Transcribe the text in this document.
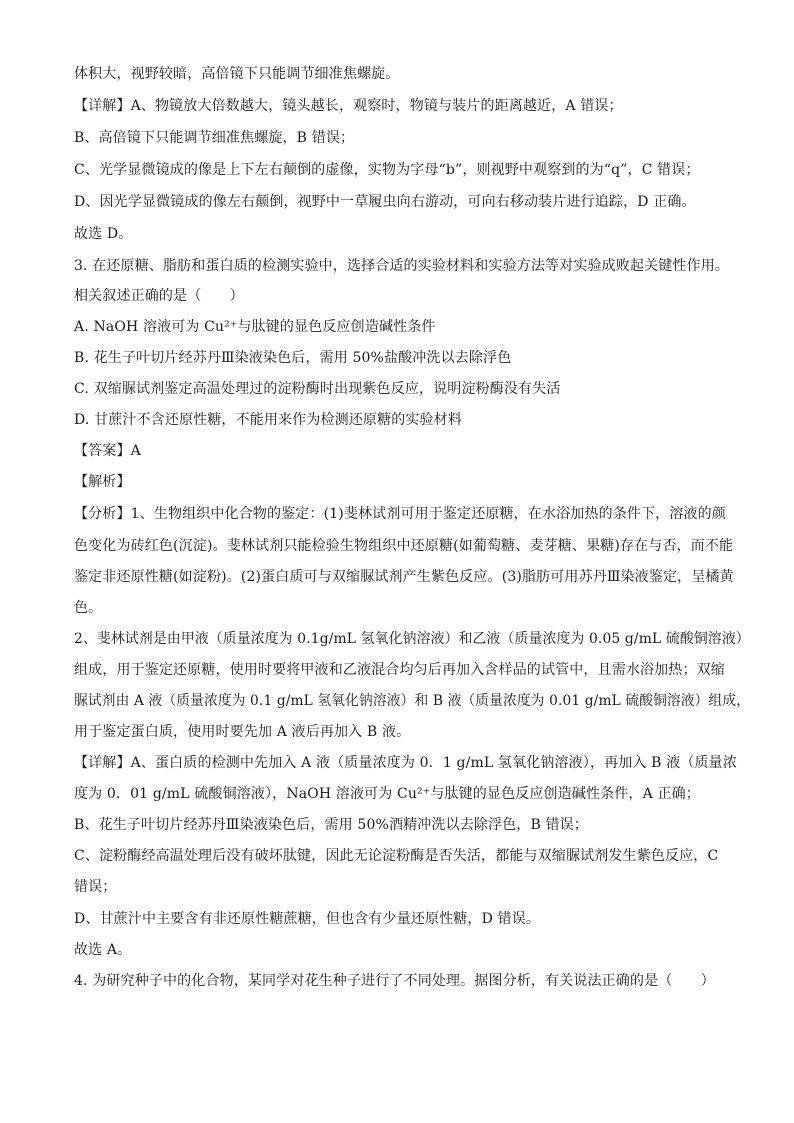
体积大，视野较暗，高倍镜下只能调节细准焦螺旋。
【详解】A、物镜放大倍数越大，镜头越长，观察时，物镜与装片的距离越近，A 错误；
B、高倍镜下只能调节细准焦螺旋，B 错误；
C、光学显微镜成的像是上下左右颠倒的虚像，实物为字母“b”，则视野中观察到的为“q”，C 错误；
D、因光学显微镜成的像左右颠倒，视野中一草履虫向右游动，可向右移动装片进行追踪，D 正确。
故选 D。
3. 在还原糖、脂肪和蛋白质的检测实验中，选择合适的实验材料和实验方法等对实验成败起关键性作用。
相关叙述正确的是（　　）
A. NaOH 溶液可为 Cu²⁺与肽键的显色反应创造碱性条件
B. 花生子叶切片经苏丹Ⅲ染液染色后，需用 50%盐酸冲洗以去除浮色
C. 双缩脲试剂鉴定高温处理过的淀粉酶时出现紫色反应，说明淀粉酶没有失活
D. 甘蔗汁不含还原性糖，不能用来作为检测还原糖的实验材料
【答案】A
【解析】
【分析】1、生物组织中化合物的鉴定：(1)斐林试剂可用于鉴定还原糖，在水浴加热的条件下，溶液的颜
色变化为砖红色(沉淀)。斐林试剂只能检验生物组织中还原糖(如葡萄糖、麦芽糖、果糖)存在与否，而不能
鉴定非还原性糖(如淀粉)。(2)蛋白质可与双缩脲试剂产生紫色反应。(3)脂肪可用苏丹Ⅲ染液鉴定，呈橘黄
色。
2、斐林试剂是由甲液（质量浓度为 0.1g/mL 氢氧化钠溶液）和乙液（质量浓度为 0.05 g/mL 硫酸铜溶液）
组成，用于鉴定还原糖，使用时要将甲液和乙液混合均匀后再加入含样品的试管中，且需水浴加热；双缩
脲试剂由 A 液（质量浓度为 0.1 g/mL 氢氧化钠溶液）和 B 液（质量浓度为 0.01 g/mL 硫酸铜溶液）组成，
用于鉴定蛋白质，使用时要先加 A 液后再加入 B 液。
【详解】A、蛋白质的检测中先加入 A 液（质量浓度为 0．1 g/mL 氢氧化钠溶液），再加入 B 液（质量浓
度为 0．01 g/mL 硫酸铜溶液），NaOH 溶液可为 Cu²⁺与肽键的显色反应创造碱性条件，A 正确；
B、花生子叶切片经苏丹Ⅲ染液染色后，需用 50%酒精冲洗以去除浮色，B 错误；
C、淀粉酶经高温处理后没有破坏肽键，因此无论淀粉酶是否失活，都能与双缩脲试剂发生紫色反应，C
错误；
D、甘蔗汁中主要含有非还原性糖蔗糖，但也含有少量还原性糖，D 错误。
故选 A。
4. 为研究种子中的化合物，某同学对花生种子进行了不同处理。据图分析，有关说法正确的是（　　）
